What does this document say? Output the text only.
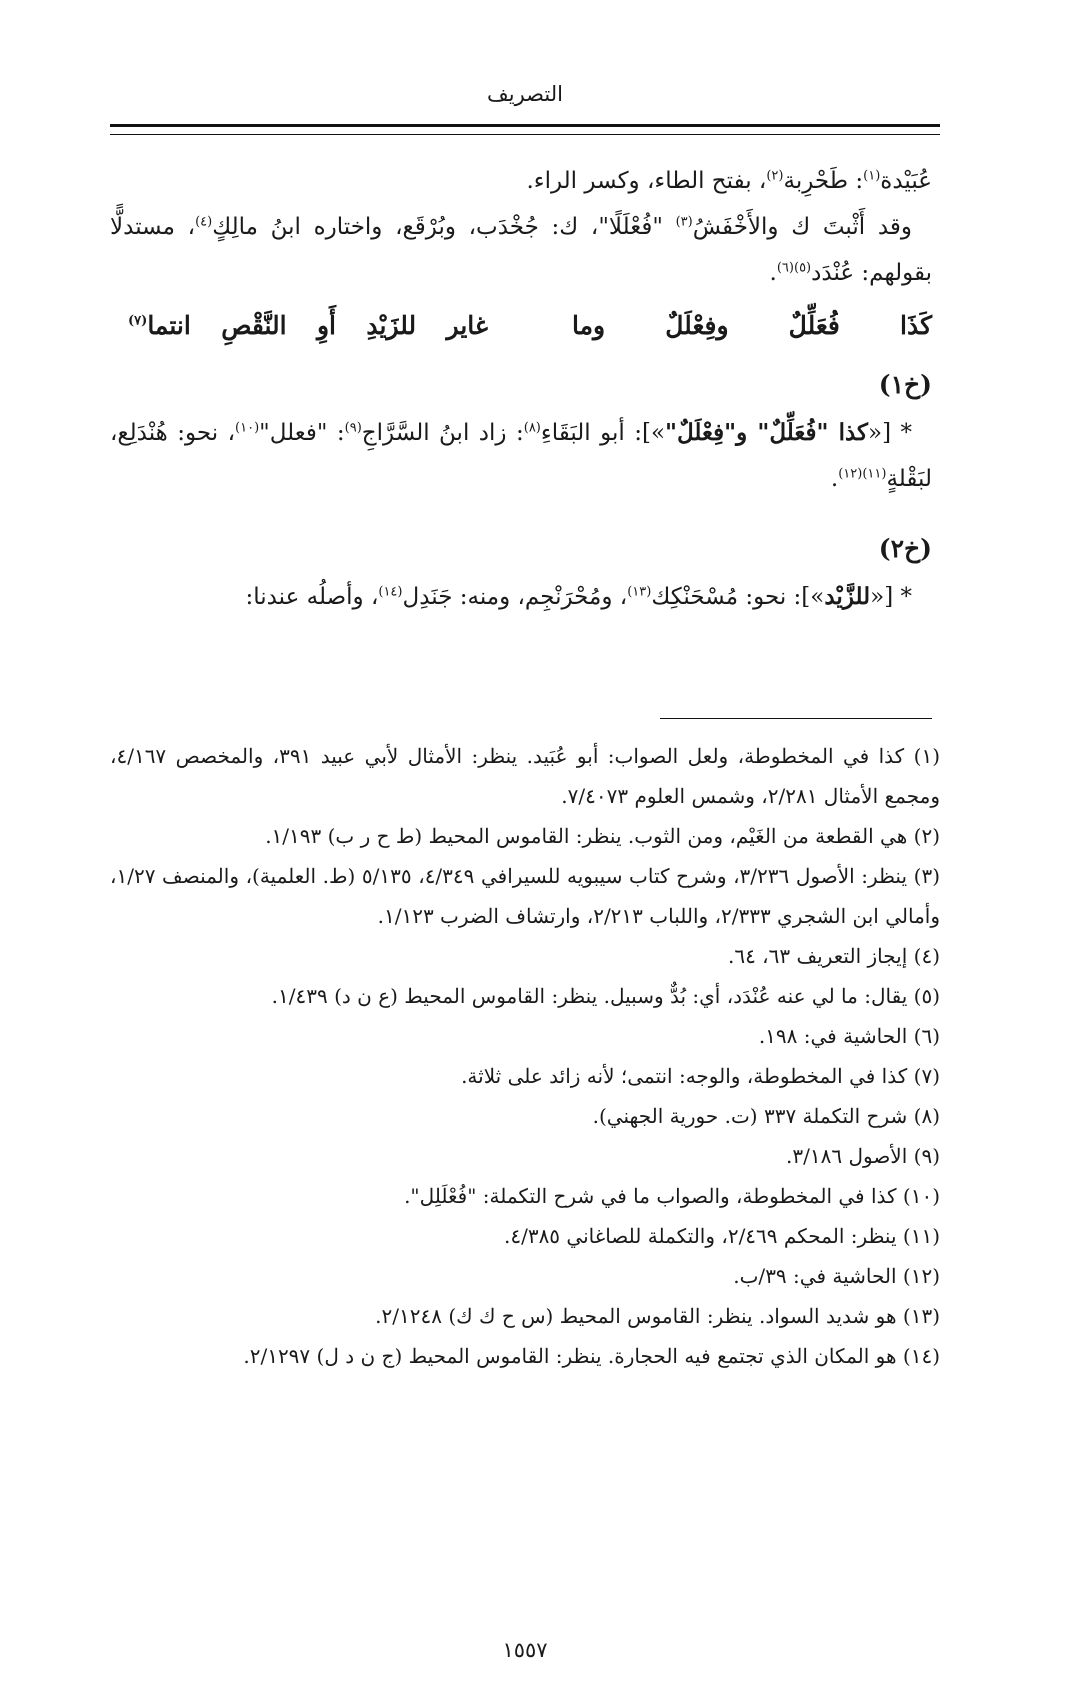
التصريف

عُبَيْدة$^{(١)}$: طَحْرِبة$^{(٢)}$، بفتح الطاء، وكسر الراء.

وقد أَثْبتَ ك والأَخْفَشُ$^{(٣)}$ "فُعْلَلًا"، ك: جُخْدَب، وبُرْقَع، واختاره ابنُ مالِكٍ$^{(٤)}$، مستدلًّا بقولهم: عُنْدَد$^{(٥)(٦)}$.

كَذَا
فُعَلِّلٌ
وفِعْلَلٌ
وما
غاير
للزَيْدِ
أَوِ
النَّقْصِ
انتما$^{(٧)}$
(خ١)

* [«كذا "فُعَلِّلٌ" و"فِعْلَلٌ"»]: أبو البَقَاءِ$^{(٨)}$: زاد ابنُ السَّرَّاجِ$^{(٩)}$: "فعلل"$^{(١٠)}$، نحو: هُنْدَلِع، لبَقْلةٍ$^{(١١)(١٢)}$.

(خ٢)

* [«للزَّيْد»]: نحو: مُسْحَنْكِك$^{(١٣)}$، ومُحْرَنْجِم، ومنه: جَنَدِل$^{(١٤)}$، وأصلُه عندنا:

(١) كذا في المخطوطة، ولعل الصواب: أبو عُبَيد. ينظر: الأمثال لأبي عبيد ٣٩١، والمخصص ٤/١٦٧، ومجمع الأمثال ٢/٢٨١، وشمس العلوم ٧/٤٠٧٣.

(٢) هي القطعة من الغَيْم، ومن الثوب. ينظر: القاموس المحيط (ط ح ر ب) ١/١٩٣.

(٣) ينظر: الأصول ٣/٢٣٦، وشرح كتاب سيبويه للسيرافي ٤/٣٤٩، ٥/١٣٥ (ط. العلمية)، والمنصف ١/٢٧، وأمالي ابن الشجري ٢/٣٣٣، واللباب ٢/٢١٣، وارتشاف الضرب ١/١٢٣.

(٤) إيجاز التعريف ٦٣، ٦٤.

(٥) يقال: ما لي عنه عُنْدَد، أي: بُدٌّ وسبيل. ينظر: القاموس المحيط (ع ن د) ١/٤٣٩.

(٦) الحاشية في: ١٩٨.

(٧) كذا في المخطوطة، والوجه: انتمى؛ لأنه زائد على ثلاثة.

(٨) شرح التكملة ٣٣٧ (ت. حورية الجهني).

(٩) الأصول ٣/١٨٦.

(١٠) كذا في المخطوطة، والصواب ما في شرح التكملة: "فُعْلَلِل".

(١١) ينظر: المحكم ٢/٤٦٩، والتكملة للصاغاني ٤/٣٨٥.

(١٢) الحاشية في: ٣٩/ب.

(١٣) هو شديد السواد. ينظر: القاموس المحيط (س ح ك ك) ٢/١٢٤٨.

(١٤) هو المكان الذي تجتمع فيه الحجارة. ينظر: القاموس المحيط (ج ن د ل) ٢/١٢٩٧.

١٥٥٧
